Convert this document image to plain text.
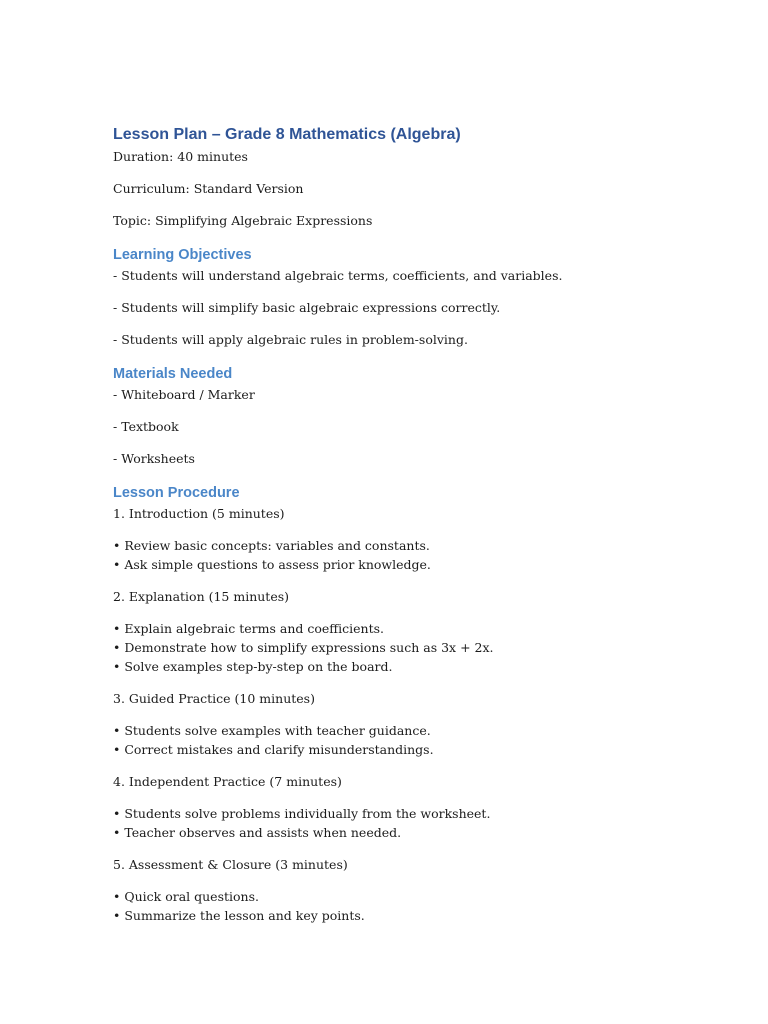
Lesson Plan – Grade 8 Mathematics (Algebra)

Duration: 40 minutes

Curriculum: Standard Version

Topic: Simplifying Algebraic Expressions

Learning Objectives

- Students will understand algebraic terms, coefficients, and variables.

- Students will simplify basic algebraic expressions correctly.

- Students will apply algebraic rules in problem-solving.

Materials Needed

- Whiteboard / Marker

- Textbook

- Worksheets

Lesson Procedure

1. Introduction (5 minutes)

• Review basic concepts: variables and constants.

• Ask simple questions to assess prior knowledge.

2. Explanation (15 minutes)

• Explain algebraic terms and coefficients.

• Demonstrate how to simplify expressions such as 3x + 2x.

• Solve examples step-by-step on the board.

3. Guided Practice (10 minutes)

• Students solve examples with teacher guidance.

• Correct mistakes and clarify misunderstandings.

4. Independent Practice (7 minutes)

• Students solve problems individually from the worksheet.

• Teacher observes and assists when needed.

5. Assessment & Closure (3 minutes)

• Quick oral questions.

• Summarize the lesson and key points.
